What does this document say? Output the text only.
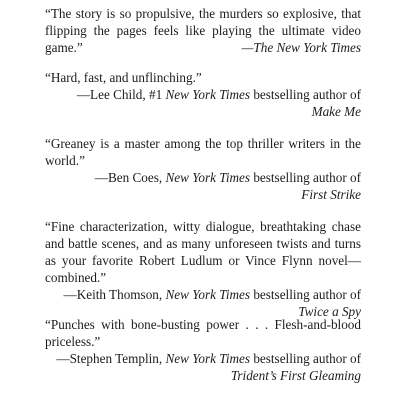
“The story is so propulsive, the murders so explosive, that flipping the pages feels like playing the ultimate video game.”	—The New York Times

“Hard, fast, and unflinching.”

—Lee Child, #1 New York Times bestselling author of

Make Me

“Greaney is a master among the top thriller writers in the world.”

—Ben Coes, New York Times bestselling author of

First Strike

“Fine characterization, witty dialogue, breathtaking chase and battle scenes, and as many unforeseen twists and turns as your favorite Robert Ludlum or Vince Flynn novel—combined.”

—Keith Thomson, New York Times bestselling author of

Twice a Spy

“Punches with bone-busting power . . . Flesh-and-blood priceless.”

—Stephen Templin, New York Times bestselling author of

Trident’s First Gleaming
